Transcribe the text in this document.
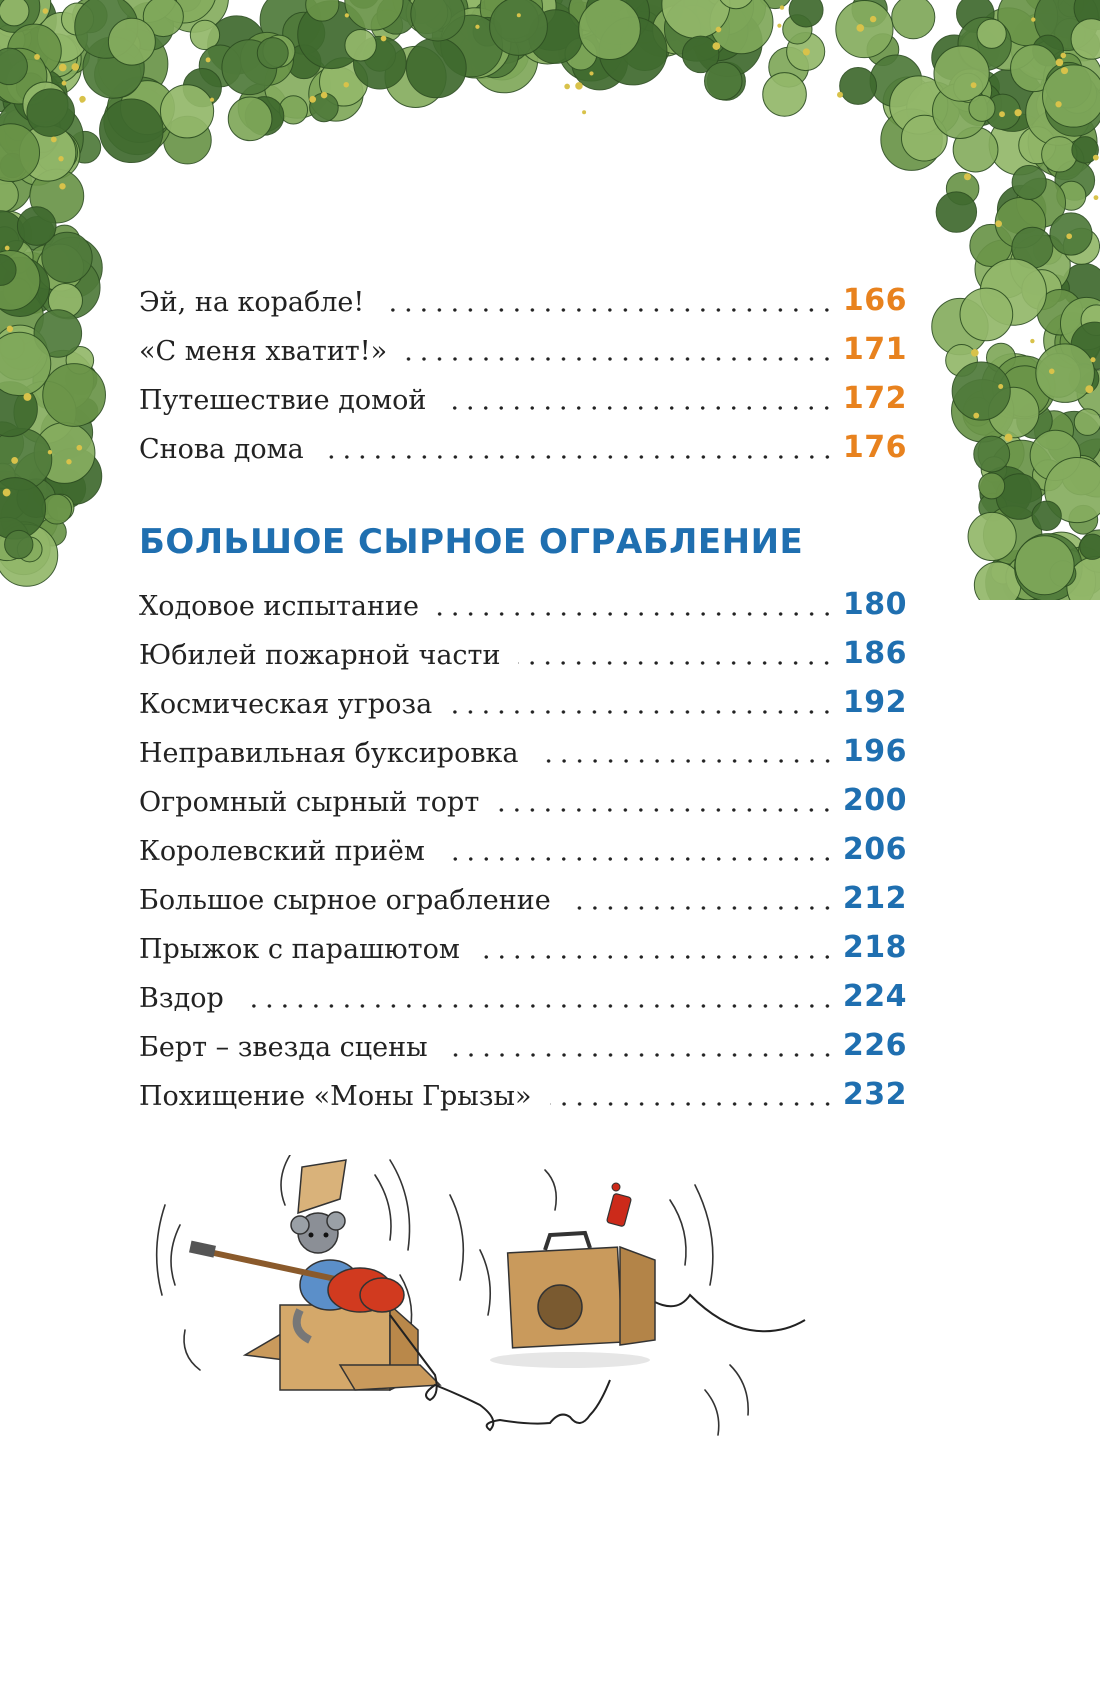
Эй, на корабле!	166
«С меня хватит!»	171
Путешествие домой	172
Снова дома	176
БОЛЬШОЕ СЫРНОЕ ОГРАБЛЕНИЕ
Ходовое испытание	180
Юбилей пожарной части	186
Космическая угроза	192
Неправильная буксировка	196
Огромный сырный торт	200
Королевский приём	206
Большое сырное ограбление	212
Прыжок с парашютом	218
Вздор	224
Берт – звезда сцены	226
Похищение «Моны Грызы»	232
